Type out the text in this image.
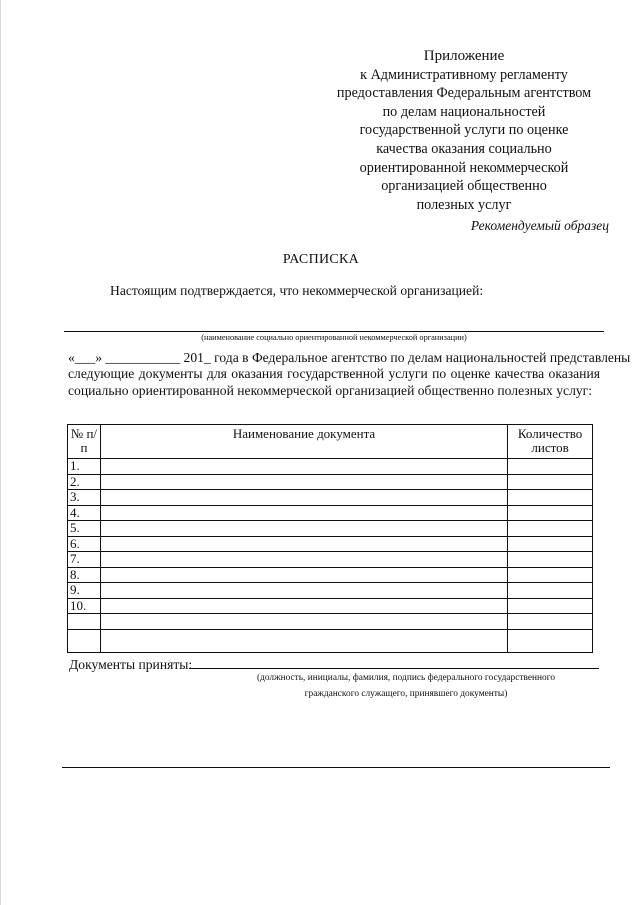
Приложение
к Административному регламенту
предоставления Федеральным агентством
по делам национальностей
государственной услуги по оценке
качества оказания социально
ориентированной некоммерческой
организацией общественно
полезных услуг
Рекомендуемый образец
РАСПИСКА
Настоящим подтверждается, что некоммерческой организацией:
(наименование социально ориентированной некоммерческой организации)
«___» ___________ 201_ года в Федеральное агентство по делам национальностей представлены
следующие документы для оказания государственной услуги по оценке качества оказания
социально ориентированной некоммерческой организацией общественно полезных услуг:
№ п/п	Наименование документа	Количество листов
1.		
2.		
3.		
4.		
5.		
6.		
7.		
8.		
9.		
10.		

Документы приняты:
(должность, инициалы, фамилия, подпись федерального государственного
гражданского служащего, принявшего документы)
